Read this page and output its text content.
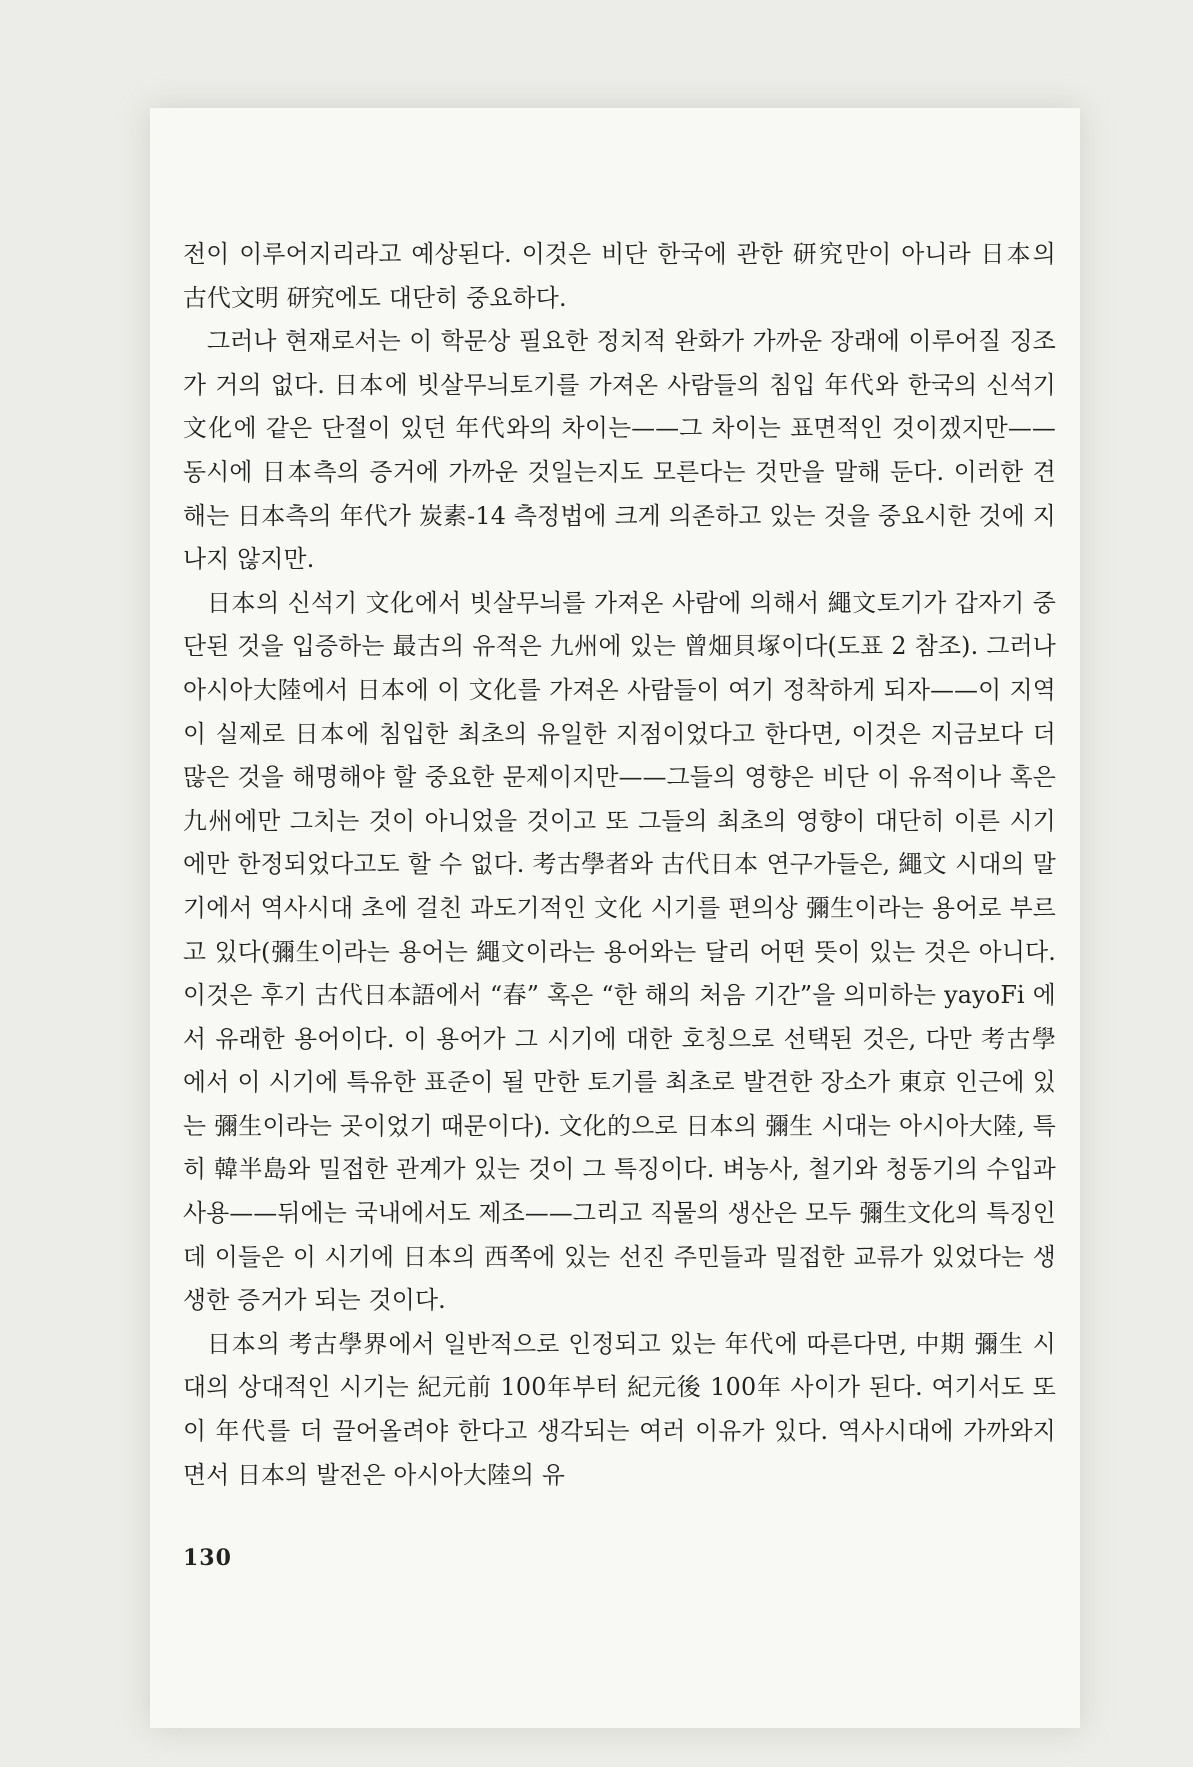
전이 이루어지리라고 예상된다. 이것은 비단 한국에 관한 研究만이 아니라 日本의 古代文明 研究에도 대단히 중요하다.

그러나 현재로서는 이 학문상 필요한 정치적 완화가 가까운 장래에 이루어질 징조가 거의 없다. 日本에 빗살무늬토기를 가져온 사람들의 침입 年代와 한국의 신석기 文化에 같은 단절이 있던 年代와의 차이는——그 차이는 표면적인 것이겠지만——동시에 日本측의 증거에 가까운 것일는지도 모른다는 것만을 말해 둔다. 이러한 견해는 日本측의 年代가 炭素-14 측정법에 크게 의존하고 있는 것을 중요시한 것에 지나지 않지만.

日本의 신석기 文化에서 빗살무늬를 가져온 사람에 의해서 繩文토기가 갑자기 중단된 것을 입증하는 最古의 유적은 九州에 있는 曾畑貝塚이다(도표 2 참조). 그러나 아시아大陸에서 日本에 이 文化를 가져온 사람들이 여기 정착하게 되자——이 지역이 실제로 日本에 침입한 최초의 유일한 지점이었다고 한다면, 이것은 지금보다 더 많은 것을 해명해야 할 중요한 문제이지만——그들의 영향은 비단 이 유적이나 혹은 九州에만 그치는 것이 아니었을 것이고 또 그들의 최초의 영향이 대단히 이른 시기에만 한정되었다고도 할 수 없다. 考古學者와 古代日本 연구가들은, 繩文 시대의 말기에서 역사시대 초에 걸친 과도기적인 文化 시기를 편의상 彌生이라는 용어로 부르고 있다(彌生이라는 용어는 繩文이라는 용어와는 달리 어떤 뜻이 있는 것은 아니다. 이것은 후기 古代日本語에서 “春” 혹은 “한 해의 처음 기간”을 의미하는 yayoFi 에서 유래한 용어이다. 이 용어가 그 시기에 대한 호칭으로 선택된 것은, 다만 考古學에서 이 시기에 특유한 표준이 될 만한 토기를 최초로 발견한 장소가 東京 인근에 있는 彌生이라는 곳이었기 때문이다). 文化的으로 日本의 彌生 시대는 아시아大陸, 특히 韓半島와 밀접한 관계가 있는 것이 그 특징이다. 벼농사, 철기와 청동기의 수입과 사용——뒤에는 국내에서도 제조——그리고 직물의 생산은 모두 彌生文化의 특징인데 이들은 이 시기에 日本의 西쪽에 있는 선진 주민들과 밀접한 교류가 있었다는 생생한 증거가 되는 것이다.

日本의 考古學界에서 일반적으로 인정되고 있는 年代에 따른다면, 中期 彌生 시대의 상대적인 시기는 紀元前 100年부터 紀元後 100年 사이가 된다. 여기서도 또 이 年代를 더 끌어올려야 한다고 생각되는 여러 이유가 있다. 역사시대에 가까와지면서 日本의 발전은 아시아大陸의 유

130
